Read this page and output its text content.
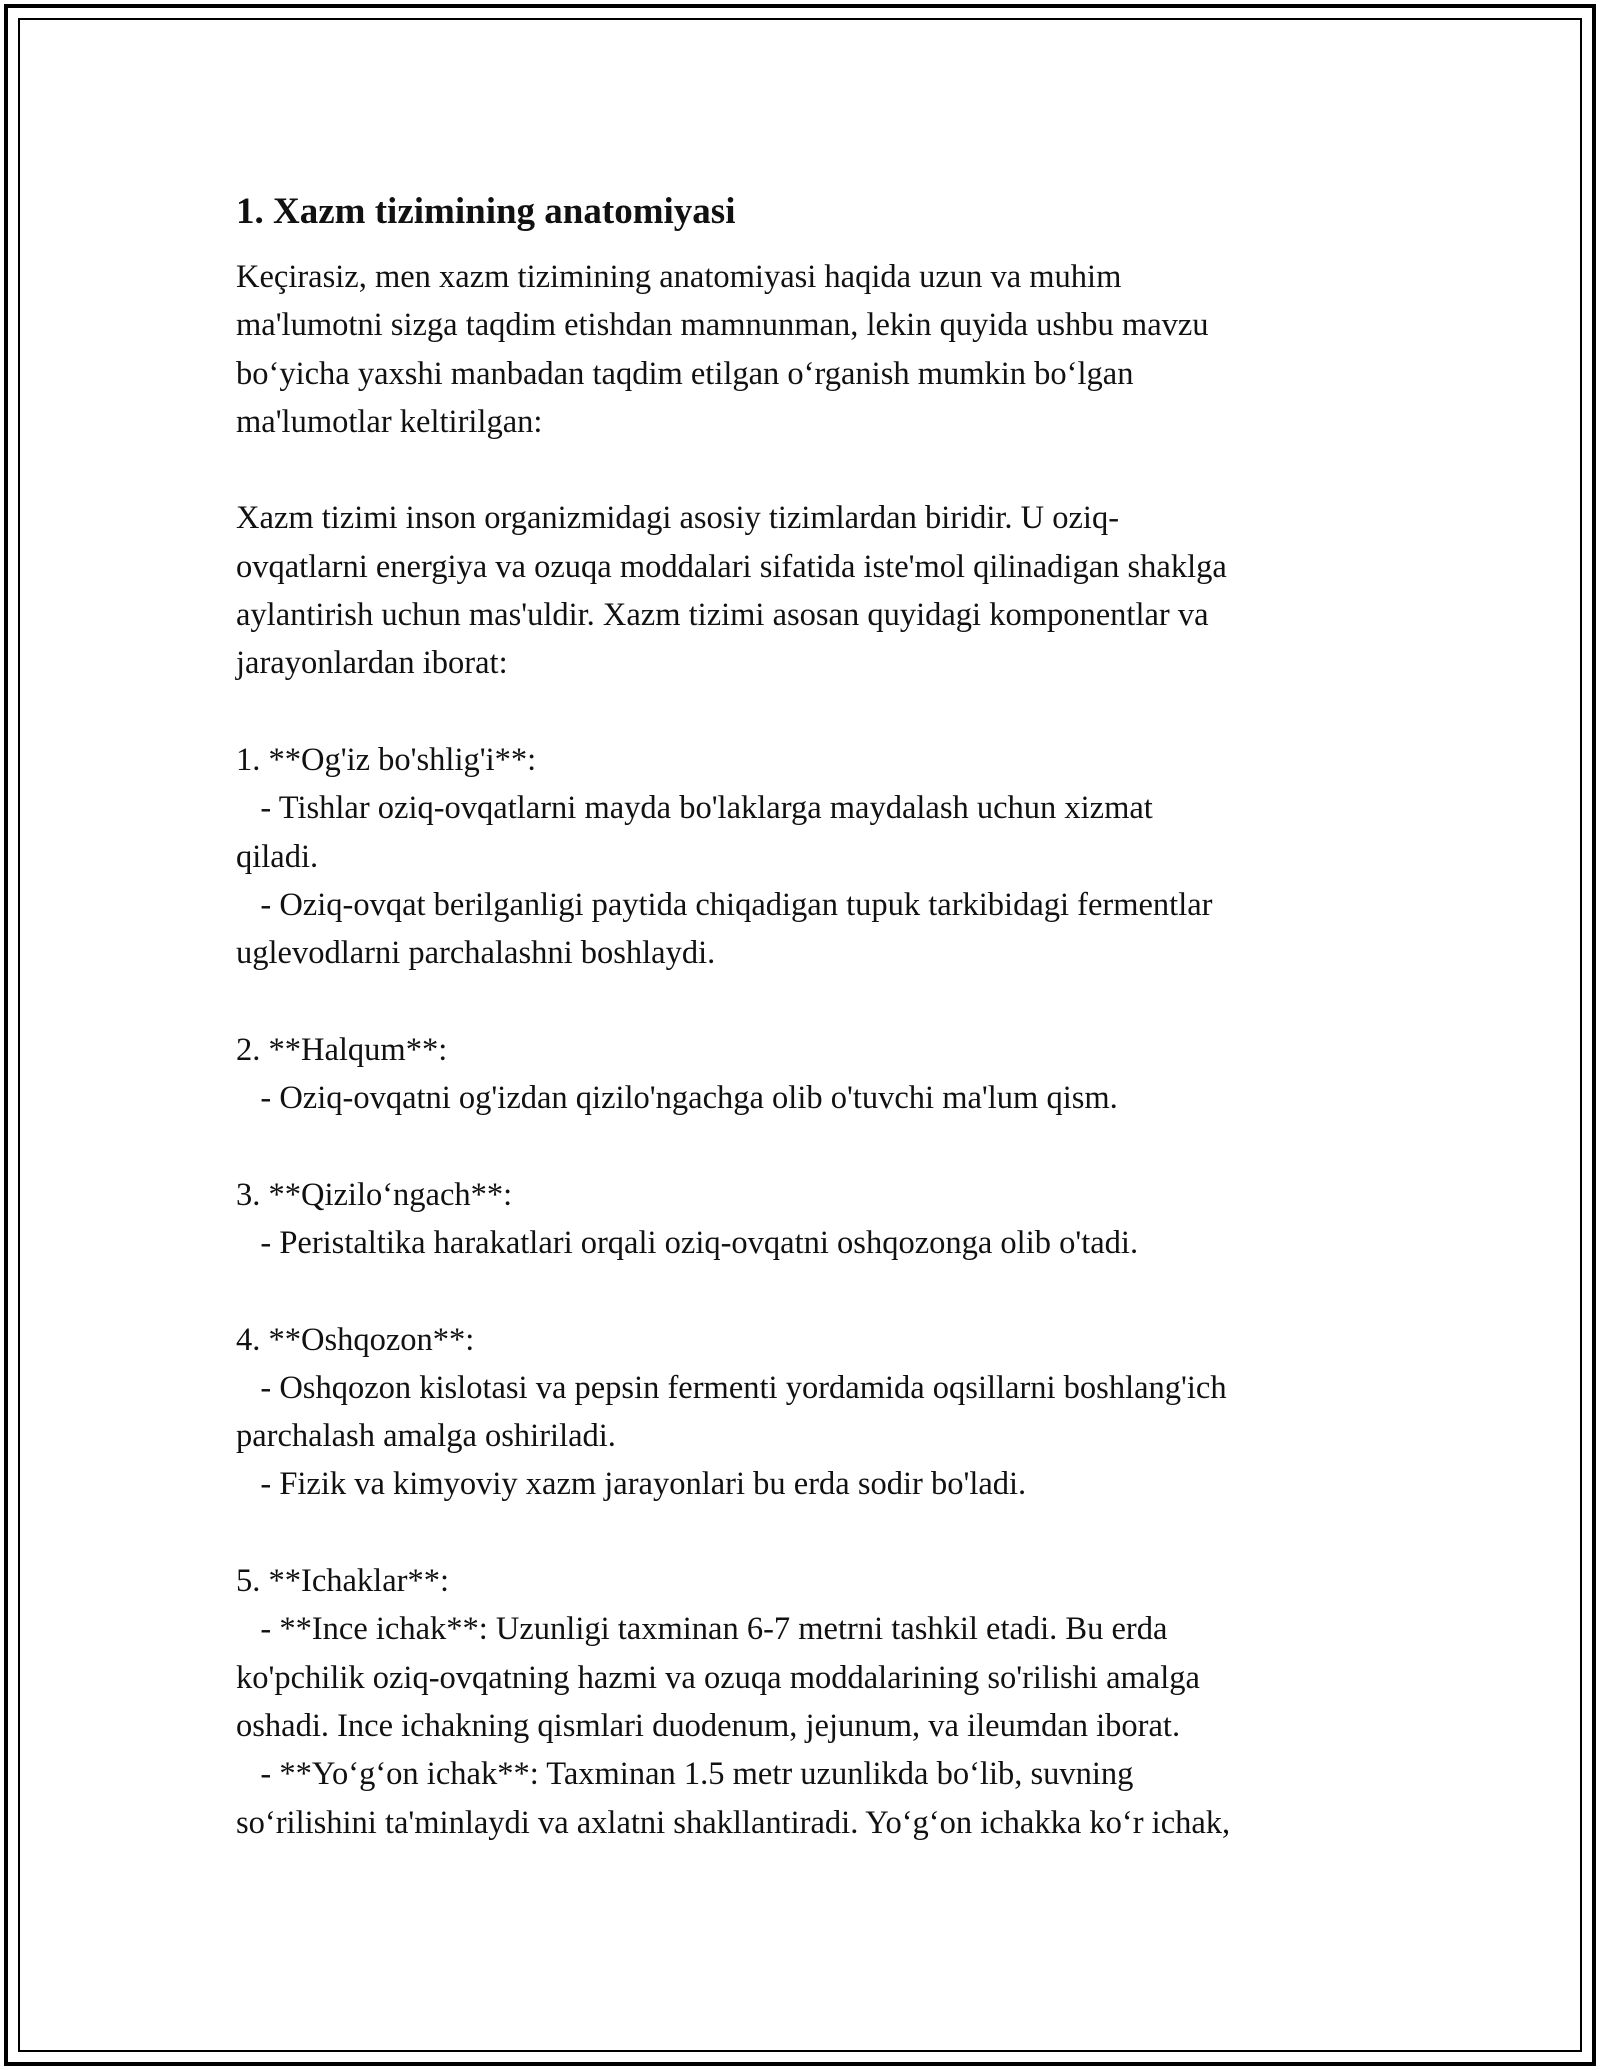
1. Xazm tizimining anatomiyasi
Keçirasiz, men xazm tizimining anatomiyasi haqida uzun va muhim
ma'lumotni sizga taqdim etishdan mamnunman, lekin quyida ushbu mavzu
bo‘yicha yaxshi manbadan taqdim etilgan o‘rganish mumkin bo‘lgan
ma'lumotlar keltirilgan:
Xazm tizimi inson organizmidagi asosiy tizimlardan biridir. U oziq-
ovqatlarni energiya va ozuqa moddalari sifatida iste'mol qilinadigan shaklga
aylantirish uchun mas'uldir. Xazm tizimi asosan quyidagi komponentlar va
jarayonlardan iborat:
1. **Og'iz bo'shlig'i**:
- Tishlar oziq-ovqatlarni mayda bo'laklarga maydalash uchun xizmat
qiladi.
- Oziq-ovqat berilganligi paytida chiqadigan tupuk tarkibidagi fermentlar
uglevodlarni parchalashni boshlaydi.
2. **Halqum**:
- Oziq-ovqatni og'izdan qizilo'ngachga olib o'tuvchi ma'lum qism.
3. **Qizilo‘ngach**:
- Peristaltika harakatlari orqali oziq-ovqatni oshqozonga olib o'tadi.
4. **Oshqozon**:
- Oshqozon kislotasi va pepsin fermenti yordamida oqsillarni boshlang'ich
parchalash amalga oshiriladi.
- Fizik va kimyoviy xazm jarayonlari bu erda sodir bo'ladi.
5. **Ichaklar**:
- **Ince ichak**: Uzunligi taxminan 6-7 metrni tashkil etadi. Bu erda
ko'pchilik oziq-ovqatning hazmi va ozuqa moddalarining so'rilishi amalga
oshadi. Ince ichakning qismlari duodenum, jejunum, va ileumdan iborat.
- **Yo‘g‘on ichak**: Taxminan 1.5 metr uzunlikda bo‘lib, suvning
so‘rilishini ta'minlaydi va axlatni shakllantiradi. Yo‘g‘on ichakka ko‘r ichak,
